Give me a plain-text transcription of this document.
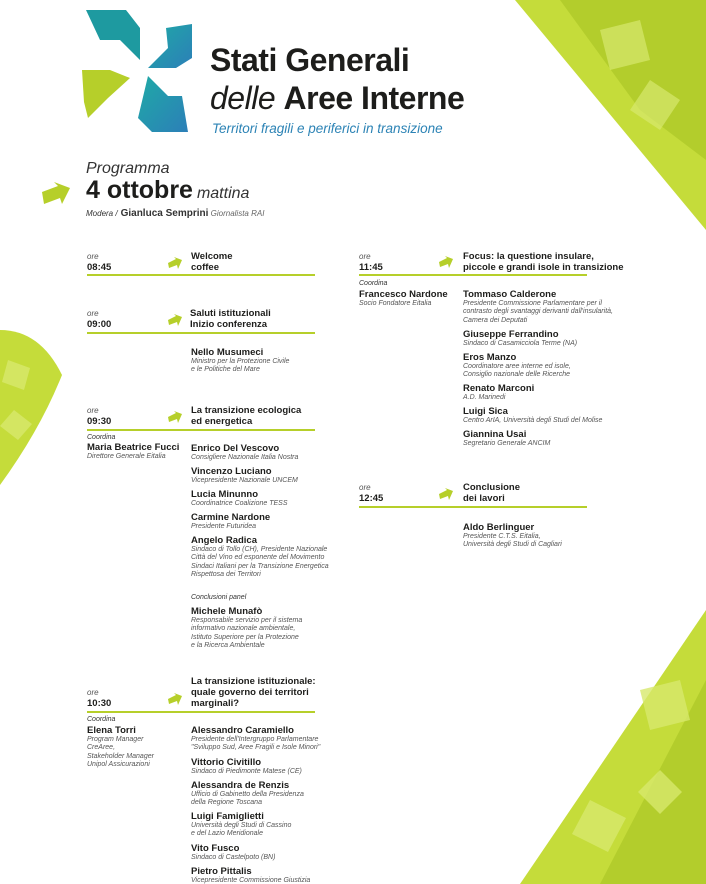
Stati Generali
delle Aree Interne
Territori fragili e periferici in transizione
Programma
4 ottobre mattina
Modera / Gianluca Semprini Giornalista RAI
ore
08:45
Welcome
coffee
ore
09:00
Saluti istituzionali
Inizio conferenza
Nello Musumeci
Ministro per la Protezione Civile
e le Politiche del Mare
ore
09:30
La transizione ecologica
ed energetica
Coordina
Maria Beatrice Fucci
Direttore Generale Eitalia
Enrico Del Vescovo
Consigliere Nazionale Italia Nostra
Vincenzo Luciano
Vicepresidente Nazionale UNCEM
Lucia Minunno
Coordinatrice Coalizione TESS
Carmine Nardone
Presidente Futuridea
Angelo Radica
Sindaco di Tollo (CH), Presidente Nazionale
Città del Vino ed esponente del Movimento
Sindaci Italiani per la Transizione Energetica
Rispettosa dei Territori
Conclusioni panel
Michele Munafò
Responsabile servizio per il sistema
informativo nazionale ambientale,
Istituto Superiore per la Protezione
e la Ricerca Ambientale
ore
10:30
La transizione istituzionale:
quale governo dei territori
marginali?
Coordina
Elena Torri
Program Manager
CreAree,
Stakeholder Manager
Unipol Assicurazioni
Alessandro Caramiello
Presidente dell'Intergruppo Parlamentare
"Sviluppo Sud, Aree Fragili e Isole Minori"
Vittorio Civitillo
Sindaco di Piedimonte Matese (CE)
Alessandra de Renzis
Ufficio di Gabinetto della Presidenza
della Regione Toscana
Luigi Famiglietti
Università degli Studi di Cassino
e del Lazio Meridionale
Vito Fusco
Sindaco di Castelpoto (BN)
Pietro Pittalis
Vicepresidente Commissione Giustizia
ore
11:45
Focus: la questione insulare,
piccole e grandi isole in transizione
Coordina
Francesco Nardone
Socio Fondatore Eitalia
Tommaso Calderone
Presidente Commissione Parlamentare per il
contrasto degli svantaggi derivanti dall'insularità,
Camera dei Deputati
Giuseppe Ferrandino
Sindaco di Casamicciola Terme (NA)
Eros Manzo
Coordinatore aree interne ed isole,
Consiglio nazionale delle Ricerche
Renato Marconi
A.D. Marinedi
Luigi Sica
Centro ArIA, Università degli Studi del Molise
Giannina Usai
Segretario Generale ANCIM
ore
12:45
Conclusione
dei lavori
Aldo Berlinguer
Presidente C.T.S. Eitalia,
Università degli Studi di Cagliari
